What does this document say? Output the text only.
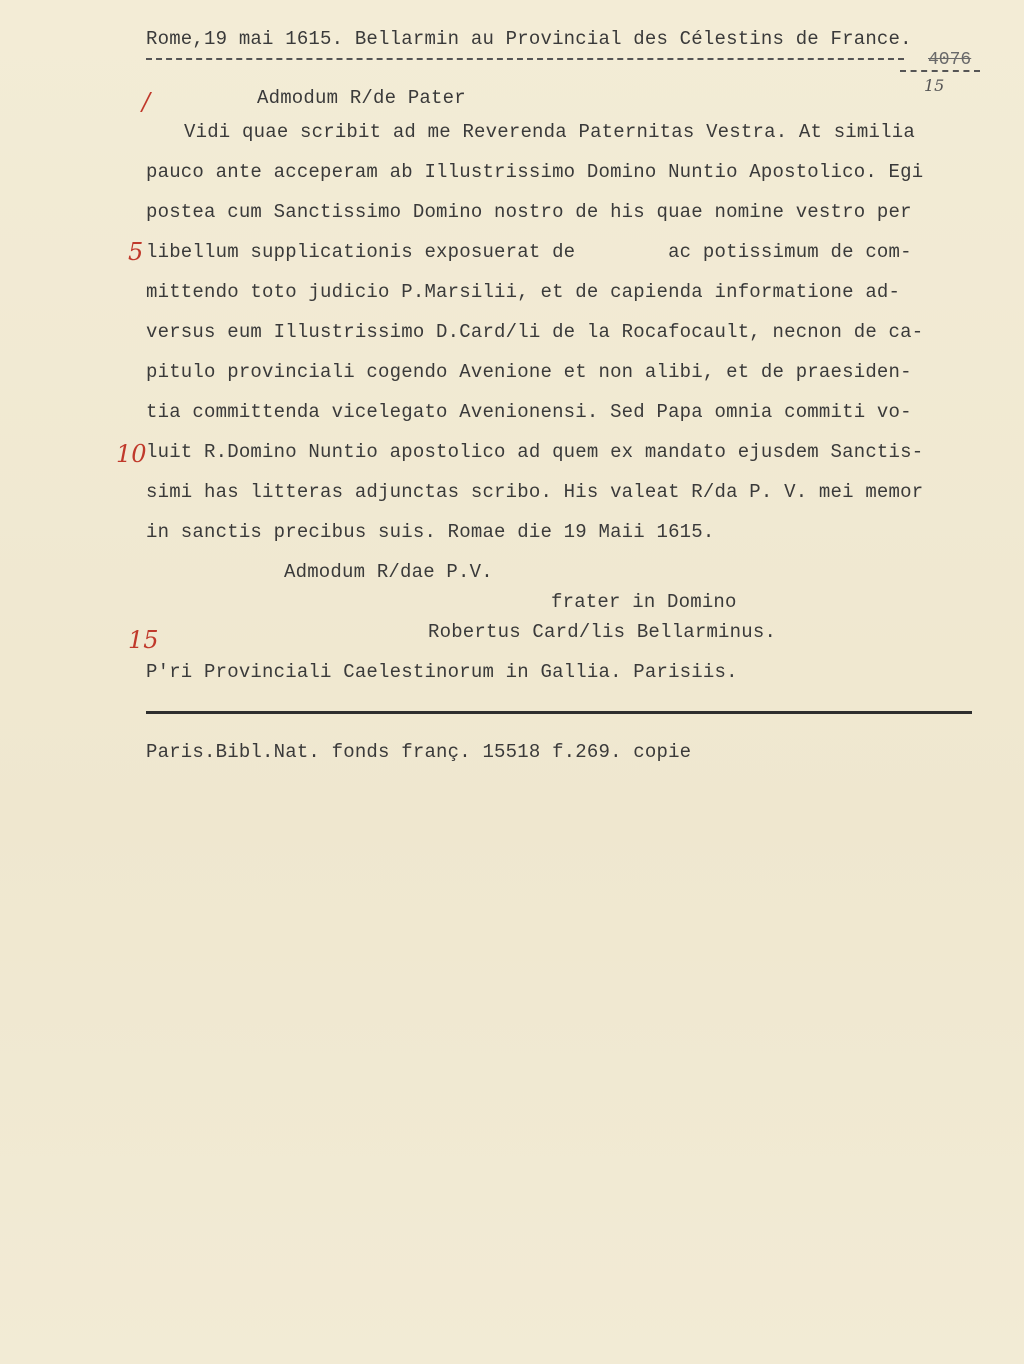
Rome,19 mai 1615. Bellarmin au Provincial des Célestins de France.
4076
15
/	Admodum R/de Pater
Vidi quae scribit ad me Reverenda Paternitas Vestra. At similia
pauco ante acceperam ab Illustrissimo Domino Nuntio Apostolico. Egi
postea cum Sanctissimo Domino nostro de his quae nomine vestro per
5 libellum supplicationis exposuerat de        ac potissimum de com-
mittendo toto judicio P.Marsilii, et de capienda informatione ad-
versus eum Illustrissimo D.Card/li de la Rocafocault, necnon de ca-
pitulo provinciali cogendo Avenione et non alibi, et de praesiden-
tia committenda vicelegato Avenionensi. Sed Papa omnia commiti vo-
10 luit R.Domino Nuntio apostolico ad quem ex mandato ejusdem Sanctis-
simi has litteras adjunctas scribo. His valeat R/da P. V. mei memor
in sanctis precibus suis. Romae die 19 Maii 1615.
Admodum R/dae P.V.
frater in Domino
15	Robertus Card/lis Bellarminus.
P'ri Provinciali Caelestinorum in Gallia. Parisiis.
Paris.Bibl.Nat. fonds franç. 15518 f.269. copie
